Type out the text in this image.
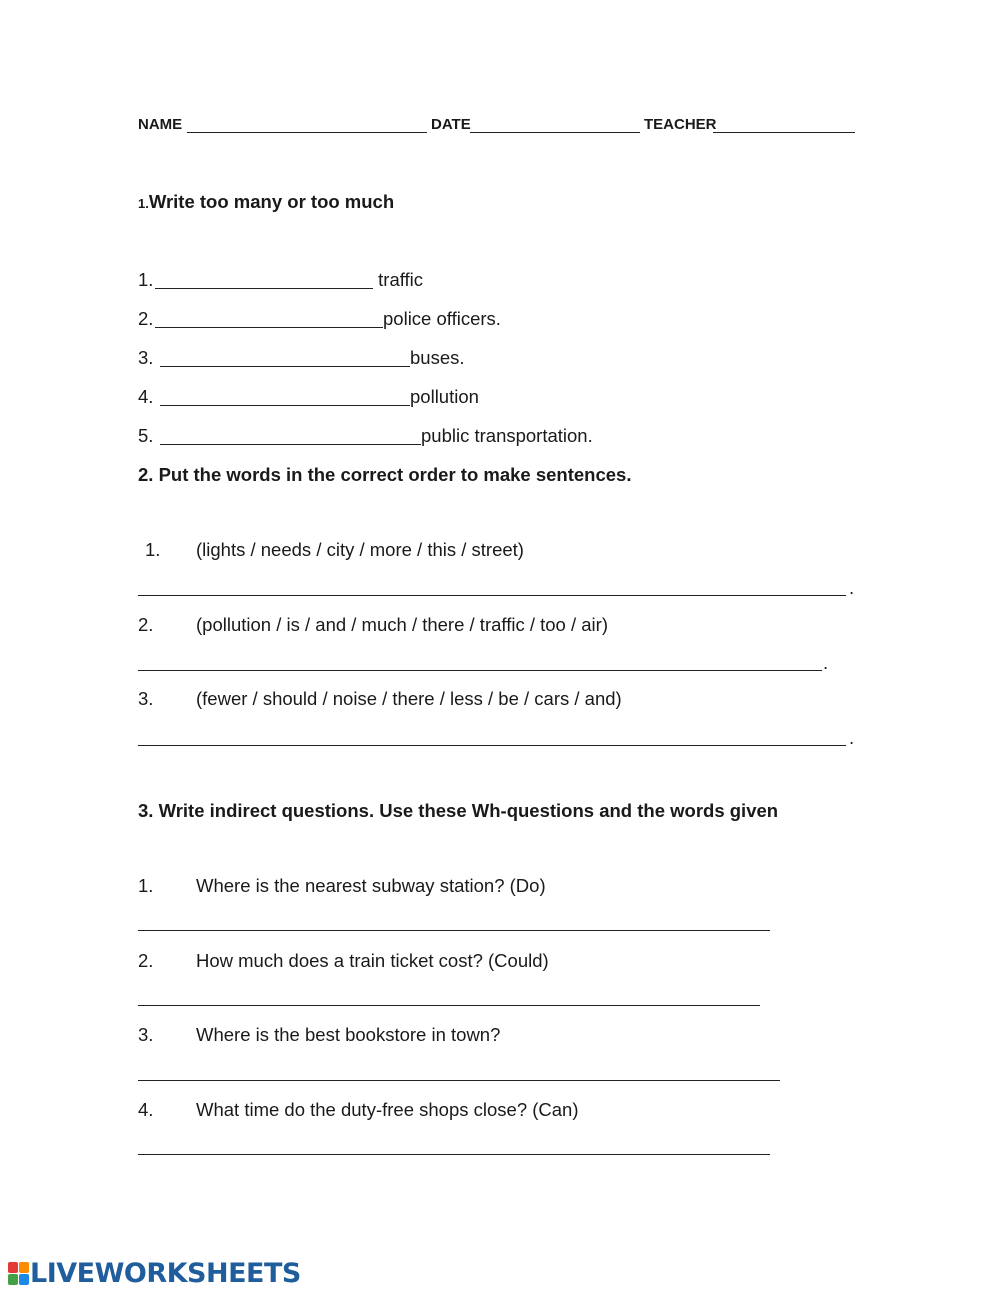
NAME	DATE	TEACHER
1.Write too many or too much
1.	traffic
2.	police officers.
3.	buses.
4.	pollution
5.	public transportation.
2. Put the words in the correct order to make sentences.
1. (lights / needs / city / more / this / street)
.
2. (pollution / is / and / much / there / traffic / too / air)
.
3. (fewer / should / noise / there / less / be / cars / and)
.
3. Write indirect questions. Use these Wh-questions and the words given
1. Where is the nearest subway station? (Do)
2. How much does a train ticket cost? (Could)
3. Where is the best bookstore in town?
4. What time do the duty-free shops close? (Can)
LIVEWORKSHEETS
